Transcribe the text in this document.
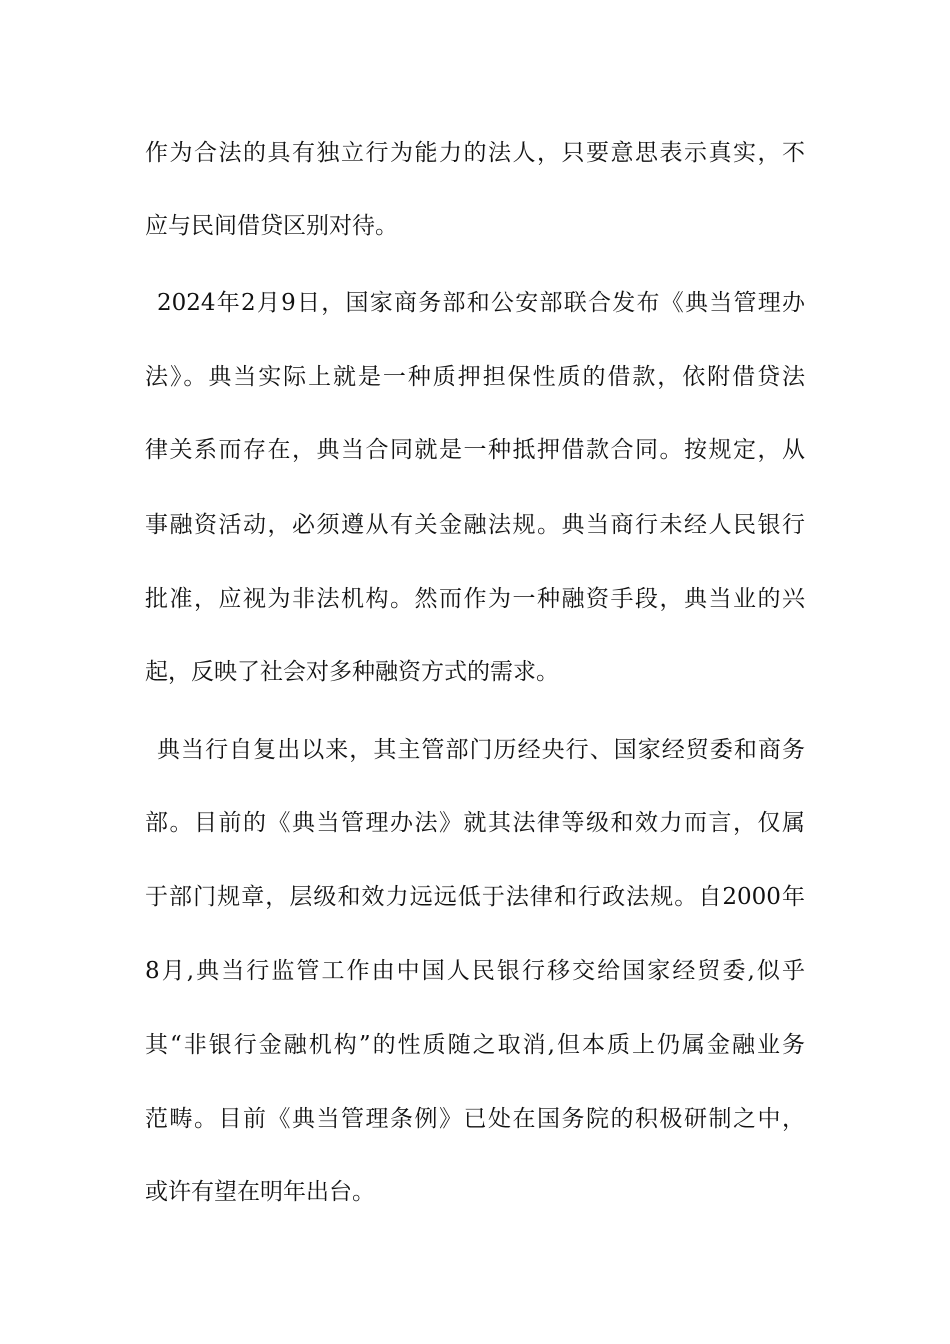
作为合法的具有独立行为能力的法人，只要意思表示真实，不
应与民间借贷区别对待。
2024年2月9日，国家商务部和公安部联合发布《典当管理办
法》。典当实际上就是一种质押担保性质的借款，依附借贷法
律关系而存在，典当合同就是一种抵押借款合同。按规定，从
事融资活动，必须遵从有关金融法规。典当商行未经人民银行
批准，应视为非法机构。然而作为一种融资手段，典当业的兴
起，反映了社会对多种融资方式的需求。
典当行自复出以来，其主管部门历经央行、国家经贸委和商务
部。目前的《典当管理办法》就其法律等级和效力而言，仅属
于部门规章，层级和效力远远低于法律和行政法规。自2000年
8月,典当行监管工作由中国人民银行移交给国家经贸委,似乎
其“非银行金融机构”的性质随之取消,但本质上仍属金融业务
范畴。目前《典当管理条例》已处在国务院的积极研制之中，
或许有望在明年出台。
